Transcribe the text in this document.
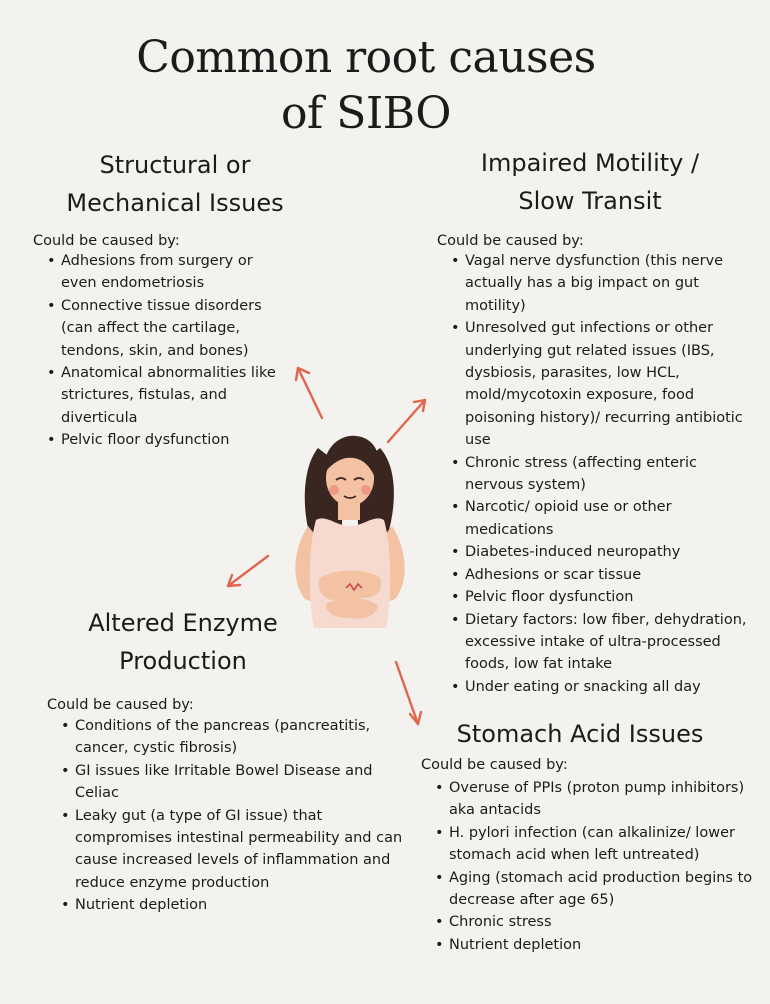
Common root causes
of SIBO
Structural or
Mechanical Issues

Could be caused by:

• Adhesions from surgery or even endometriosis
• Connective tissue disorders (can affect the cartilage, tendons, skin, and bones)
• Anatomical abnormalities like strictures, fistulas, and diverticula
• Pelvic floor dysfunction
Impaired Motility /
Slow Transit

Could be caused by:

• Vagal nerve dysfunction (this nerve actually has a big impact on gut motility)
• Unresolved gut infections or other underlying gut related issues (IBS, dysbiosis, parasites, low HCL, mold/mycotoxin exposure, food poisoning history)/ recurring antibiotic use
• Chronic stress (affecting enteric nervous system)
• Narcotic/ opioid use or other medications
• Diabetes-induced neuropathy
• Adhesions or scar tissue
• Pelvic floor dysfunction
• Dietary factors: low fiber, dehydration, excessive intake of ultra-processed foods, low fat intake
• Under eating or snacking all day
Altered Enzyme
Production

Could be caused by:

• Conditions of the pancreas (pancreatitis, cancer, cystic fibrosis)
• GI issues like Irritable Bowel Disease and Celiac
• Leaky gut (a type of GI issue) that compromises intestinal permeability and can cause increased levels of inflammation and reduce enzyme production
• Nutrient depletion
Stomach Acid Issues

Could be caused by:

• Overuse of PPIs (proton pump inhibitors) aka antacids
• H. pylori infection (can alkalinize/ lower stomach acid when left untreated)
• Aging (stomach acid production begins to decrease after age 65)
• Chronic stress
• Nutrient depletion
